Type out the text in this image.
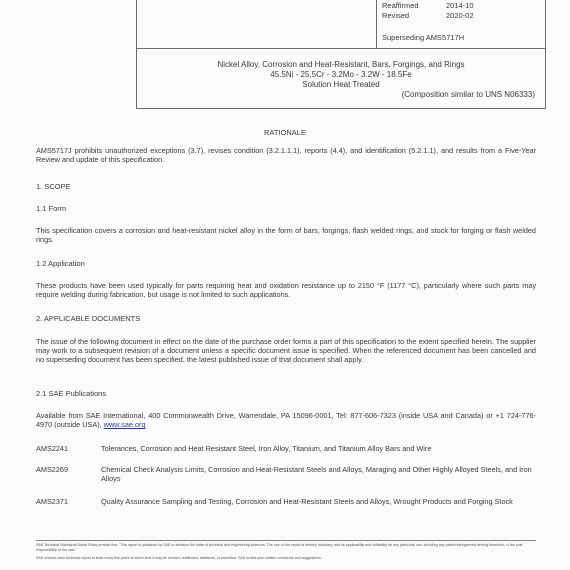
Reaffirmed	2014-10
Revised	2020-02
Superseding AMS5717H
Nickel Alloy, Corrosion and Heat-Resistant, Bars, Forgings, and Rings
45.5Ni - 25.5Cr - 3.2Mo - 3.2W - 18.5Fe
Solution Heat Treated
(Composition similar to UNS N06333)
RATIONALE
AMS5717J prohibits unauthorized exceptions (3.7), revises condition (3.2.1.1.1), reports (4.4), and identification (5.2.1.1), and results from a Five-Year Review and update of this specification.
1. SCOPE
1.1 Form
This specification covers a corrosion and heat-resistant nickel alloy in the form of bars, forgings, flash welded rings, and stock for forging or flash welded rings.
1.2 Application
These products have been used typically for parts requiring heat and oxidation resistance up to 2150 °F (1177 °C), particularly where such parts may require welding during fabrication, but usage is not limited to such applications.
2. APPLICABLE DOCUMENTS
The issue of the following document in effect on the date of the purchase order forms a part of this specification to the extent specified herein. The supplier may work to a subsequent revision of a document unless a specific document issue is specified. When the referenced document has been cancelled and no superseding document has been specified, the latest published issue of that document shall apply.
2.1 SAE Publications
Available from SAE International, 400 Commonwealth Drive, Warrendale, PA 15096-0001, Tel: 877-606-7323 (inside USA and Canada) or +1 724-776-4970 (outside USA), www.sae.org
AMS2241	Tolerances, Corrosion and Heat Resistant Steel, Iron Alloy, Titanium, and Titanium Alloy Bars and Wire
AMS2269	Chemical Check Analysis Limits, Corrosion and Heat-Resistant Steels and Alloys, Maraging and Other Highly Alloyed Steels, and Iron Alloys
AMS2371	Quality Assurance Sampling and Testing, Corrosion and Heat-Resistant Steels and Alloys, Wrought Products and Forging Stock
SAE Technical Standards Board Rules provide that: "This report is published by SAE to advance the state of technical and engineering sciences. The use of this report is entirely voluntary, and its applicability and suitability for any particular use, including any patent infringement arising therefrom, is the sole responsibility of the user."
SAE reviews each technical report at least every five years at which time it may be revised, reaffirmed, stabilized, or cancelled. SAE invites your written comments and suggestions.
